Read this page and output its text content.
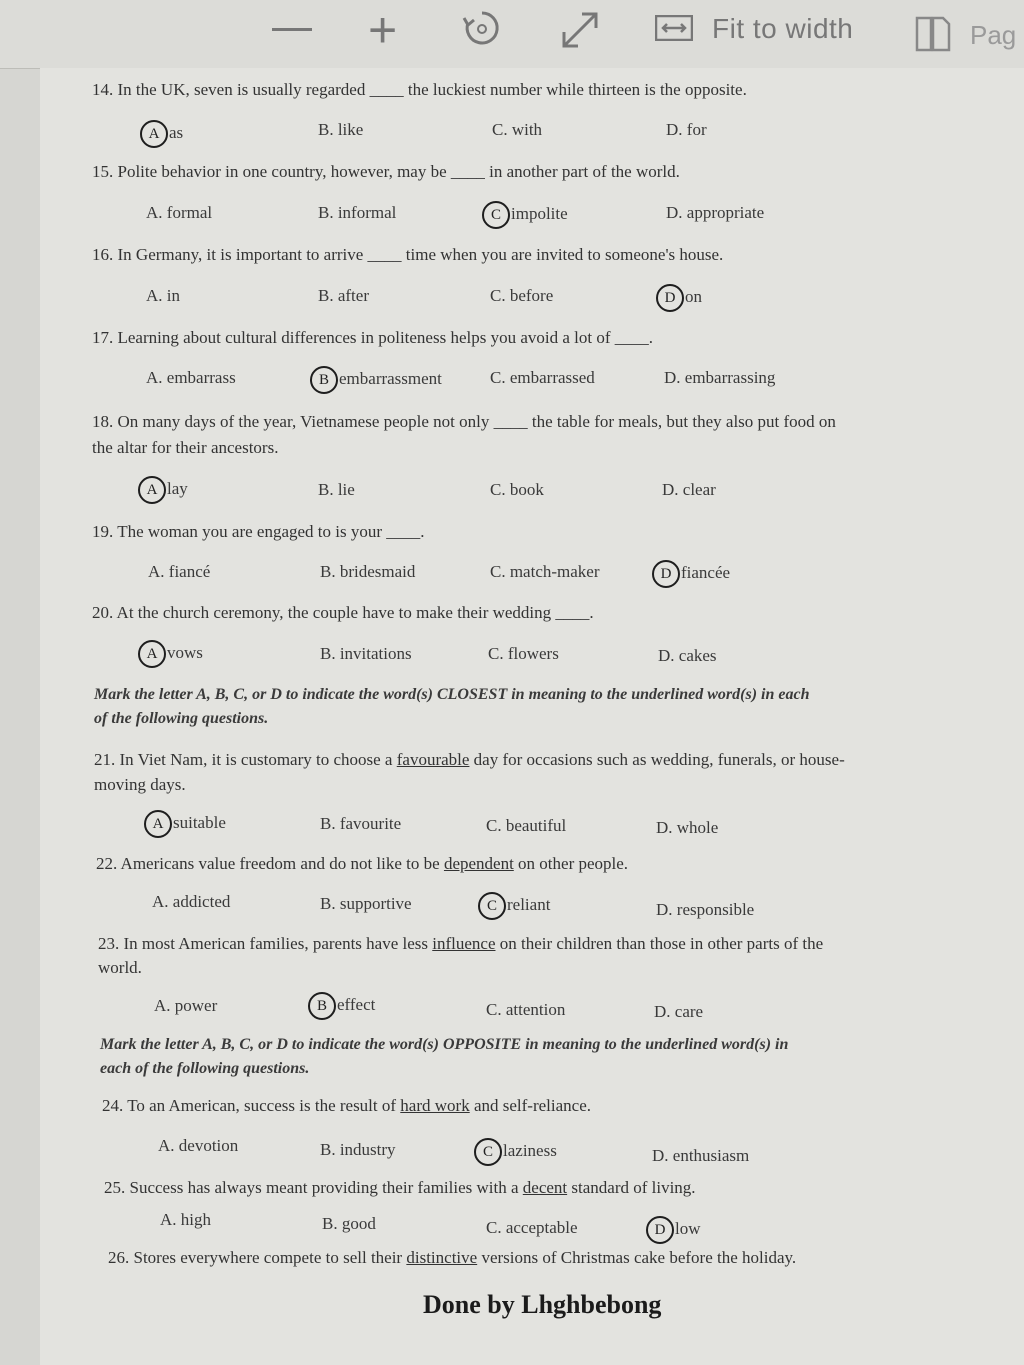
+	Fit to width	Pag
14. In the UK, seven is usually regarded ____ the luckiest number while thirteen is the opposite.
A as	B. like	C. with	D. for
15. Polite behavior in one country, however, may be ____ in another part of the world.
A. formal	B. informal	C impolite	D. appropriate
16. In Germany, it is important to arrive ____ time when you are invited to someone's house.
A. in	B. after	C. before	D on
17. Learning about cultural differences in politeness helps you avoid a lot of ____.
A. embarrass	B embarrassment	C. embarrassed	D. embarrassing
18. On many days of the year, Vietnamese people not only ____ the table for meals, but they also put food on
the altar for their ancestors.
A lay	B. lie	C. book	D. clear
19. The woman you are engaged to is your ____.
A. fiancé	B. bridesmaid	C. match-maker	D fiancée
20. At the church ceremony, the couple have to make their wedding ____.
A vows	B. invitations	C. flowers	D. cakes
Mark the letter A, B, C, or D to indicate the word(s) CLOSEST in meaning to the underlined word(s) in each
of the following questions.
21. In Viet Nam, it is customary to choose a favourable day for occasions such as wedding, funerals, or house-
moving days.
A suitable	B. favourite	C. beautiful	D. whole
22. Americans value freedom and do not like to be dependent on other people.
A. addicted	B. supportive	C reliant	D. responsible
23. In most American families, parents have less influence on their children than those in other parts of the
world.
A. power	B effect	C. attention	D. care
Mark the letter A, B, C, or D to indicate the word(s) OPPOSITE in meaning to the underlined word(s) in
each of the following questions.
24. To an American, success is the result of hard work and self-reliance.
A. devotion	B. industry	C laziness	D. enthusiasm
25. Success has always meant providing their families with a decent standard of living.
A. high	B. good	C. acceptable	D low
26. Stores everywhere compete to sell their distinctive versions of Christmas cake before the holiday.
Done by Lhghbebong
